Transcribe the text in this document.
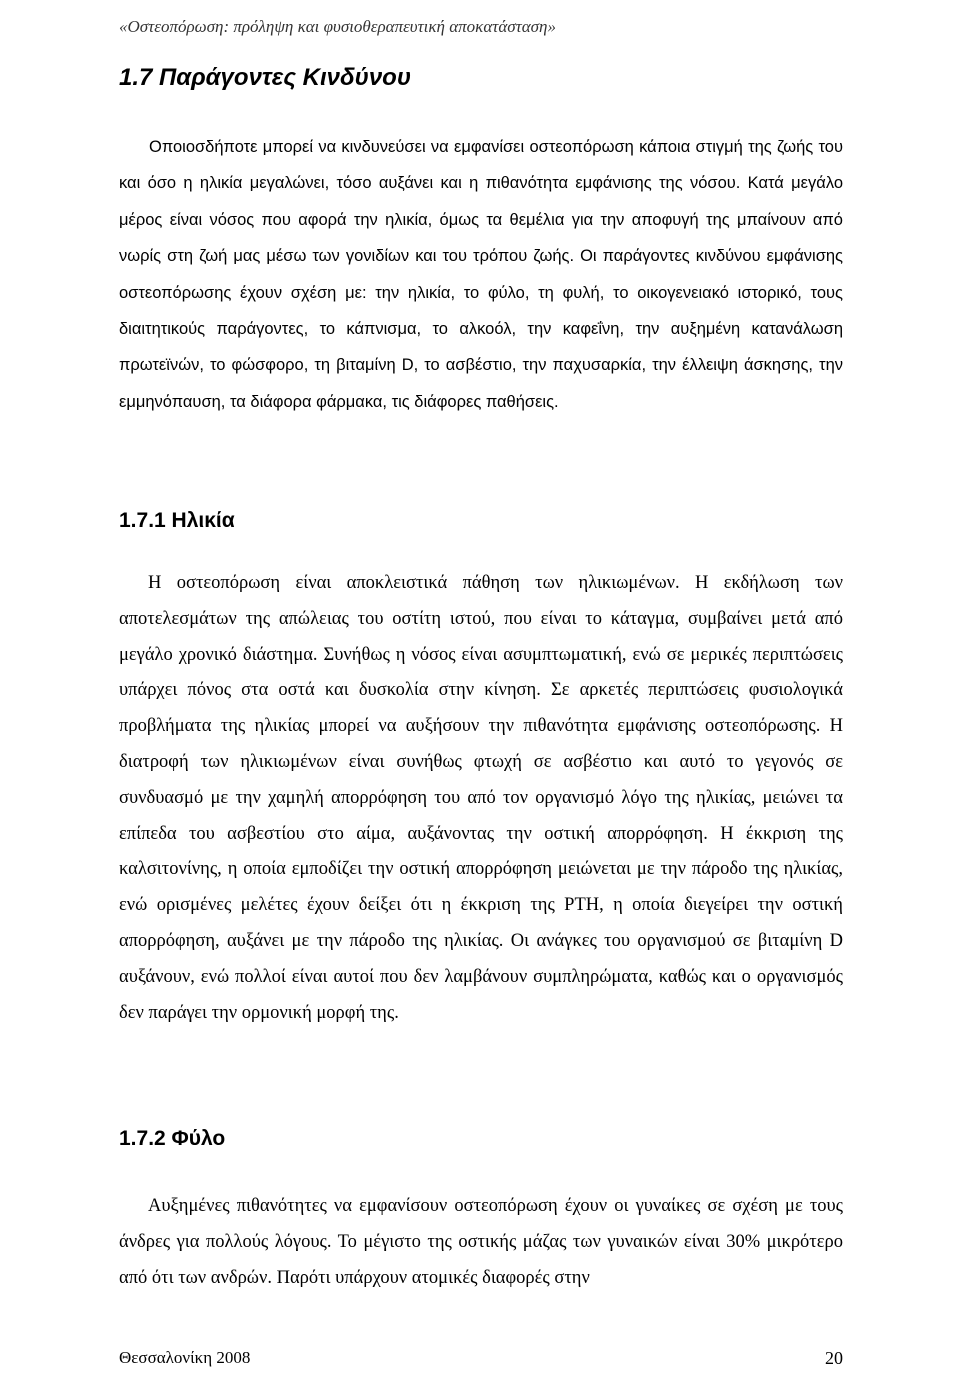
«Οστεοπόρωση: πρόληψη και φυσιοθεραπευτική αποκατάσταση»
1.7 Παράγοντες Κινδύνου

Οποιοσδήποτε μπορεί να κινδυνεύσει να εμφανίσει οστεοπόρωση κάποια στιγμή της ζωής του και όσο η ηλικία μεγαλώνει, τόσο αυξάνει και η πιθανότητα εμφάνισης της νόσου. Κατά μεγάλο μέρος είναι νόσος που αφορά την ηλικία, όμως τα θεμέλια για την αποφυγή της μπαίνουν από νωρίς στη ζωή μας μέσω των γονιδίων και του τρόπου ζωής. Οι παράγοντες κινδύνου εμφάνισης οστεοπόρωσης έχουν σχέση με: την ηλικία, το φύλο, τη φυλή, το οικογενειακό ιστορικό, τους διαιτητικούς παράγοντες, το κάπνισμα, το αλκοόλ, την καφεΐνη, την αυξημένη κατανάλωση πρωτεϊνών, το φώσφορο, τη βιταμίνη D, το ασβέστιο, την παχυσαρκία, την έλλειψη άσκησης, την εμμηνόπαυση, τα διάφορα φάρμακα, τις διάφορες παθήσεις.

1.7.1 Ηλικία

Η οστεοπόρωση είναι αποκλειστικά πάθηση των ηλικιωμένων. Η εκδήλωση των αποτελεσμάτων της απώλειας του οστίτη ιστού, που είναι το κάταγμα, συμβαίνει μετά από μεγάλο χρονικό διάστημα. Συνήθως η νόσος είναι ασυμπτωματική, ενώ σε μερικές περιπτώσεις υπάρχει πόνος στα οστά και δυσκολία στην κίνηση. Σε αρκετές περιπτώσεις φυσιολογικά προβλήματα της ηλικίας μπορεί να αυξήσουν την πιθανότητα εμφάνισης οστεοπόρωσης. Η διατροφή των ηλικιωμένων είναι συνήθως φτωχή σε ασβέστιο και αυτό το γεγονός σε συνδυασμό με την χαμηλή απορρόφηση του από τον οργανισμό λόγο της ηλικίας, μειώνει τα επίπεδα του ασβεστίου στο αίμα, αυξάνοντας την οστική απορρόφηση. Η έκκριση της καλσιτονίνης, η οποία εμποδίζει την οστική απορρόφηση μειώνεται με την πάροδο της ηλικίας, ενώ ορισμένες μελέτες έχουν δείξει ότι η έκκριση της PTH, η οποία διεγείρει την οστική απορρόφηση, αυξάνει με την πάροδο της ηλικίας. Οι ανάγκες του οργανισμού σε βιταμίνη D αυξάνουν, ενώ πολλοί είναι αυτοί που δεν λαμβάνουν συμπληρώματα, καθώς και ο οργανισμός δεν παράγει την ορμονική μορφή της.

1.7.2 Φύλο

Αυξημένες πιθανότητες να εμφανίσουν οστεοπόρωση έχουν οι γυναίκες σε σχέση με τους άνδρες για πολλούς λόγους. Το μέγιστο της οστικής μάζας των γυναικών είναι 30% μικρότερο από ότι των ανδρών. Παρότι υπάρχουν ατομικές διαφορές στην

Θεσσαλονίκη 2008	20
